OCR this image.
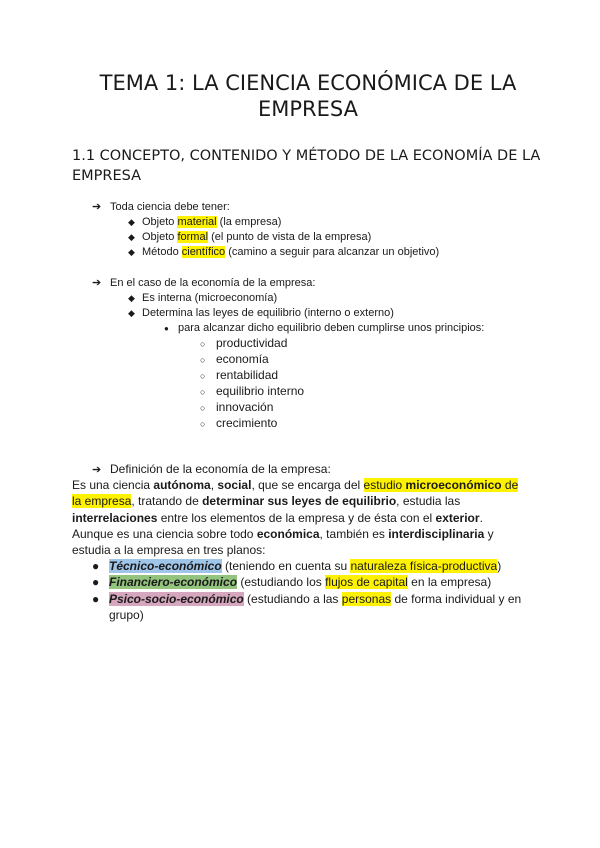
TEMA 1: LA CIENCIA ECONÓMICA DE LA EMPRESA
1.1 CONCEPTO, CONTENIDO Y MÉTODO DE LA ECONOMÍA DE LA EMPRESA
➔ Toda ciencia debe tener:
◆ Objeto material (la empresa)
◆ Objeto formal (el punto de vista de la empresa)
◆ Método científico (camino a seguir para alcanzar un objetivo)
➔ En el caso de la economía de la empresa:
◆ Es interna (microeconomía)
◆ Determina las leyes de equilibrio (interno o externo)
● para alcanzar dicho equilibrio deben cumplirse unos principios:
○ productividad
○ economía
○ rentabilidad
○ equilibrio interno
○ innovación
○ crecimiento
➔ Definición de la economía de la empresa:

Es una ciencia autónoma, social, que se encarga del estudio microeconómico de la empresa, tratando de determinar sus leyes de equilibrio, estudia las interrelaciones entre los elementos de la empresa y de ésta con el exterior.

Aunque es una ciencia sobre todo económica, también es interdisciplinaria y estudia a la empresa en tres planos:

● Técnico-económico (teniendo en cuenta su naturaleza física-productiva)
● Financiero-económico (estudiando los flujos de capital en la empresa)
● Psico-socio-económico (estudiando a las personas de forma individual y en grupo)
